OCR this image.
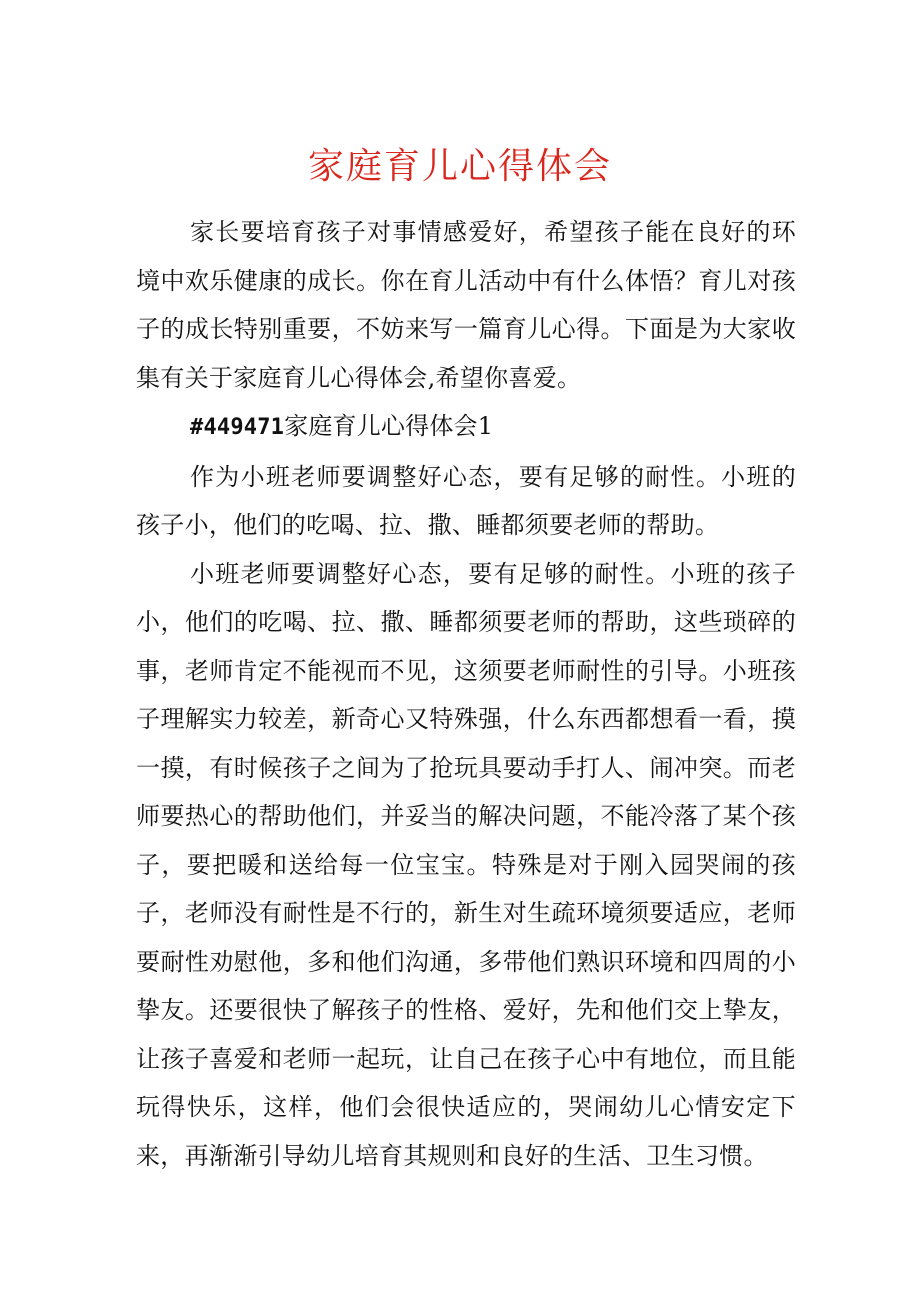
家庭育儿心得体会

家长要培育孩子对事情感爱好，希望孩子能在良好的环境中欢乐健康的成长。你在育儿活动中有什么体悟？育儿对孩子的成长特别重要，不妨来写一篇育儿心得。下面是为大家收集有关于家庭育儿心得体会,希望你喜爱。

#449471家庭育儿心得体会1

作为小班老师要调整好心态，要有足够的耐性。小班的孩子小，他们的吃喝、拉、撒、睡都须要老师的帮助。

小班老师要调整好心态，要有足够的耐性。小班的孩子小，他们的吃喝、拉、撒、睡都须要老师的帮助，这些琐碎的事，老师肯定不能视而不见，这须要老师耐性的引导。小班孩子理解实力较差，新奇心又特殊强，什么东西都想看一看，摸一摸，有时候孩子之间为了抢玩具要动手打人、闹冲突。而老师要热心的帮助他们，并妥当的解决问题，不能冷落了某个孩子，要把暖和送给每一位宝宝。特殊是对于刚入园哭闹的孩子，老师没有耐性是不行的，新生对生疏环境须要适应，老师要耐性劝慰他，多和他们沟通，多带他们熟识环境和四周的小挚友。还要很快了解孩子的性格、爱好，先和他们交上挚友，让孩子喜爱和老师一起玩，让自己在孩子心中有地位，而且能玩得快乐，这样，他们会很快适应的，哭闹幼儿心情安定下来，再渐渐引导幼儿培育其规则和良好的生活、卫生习惯。
